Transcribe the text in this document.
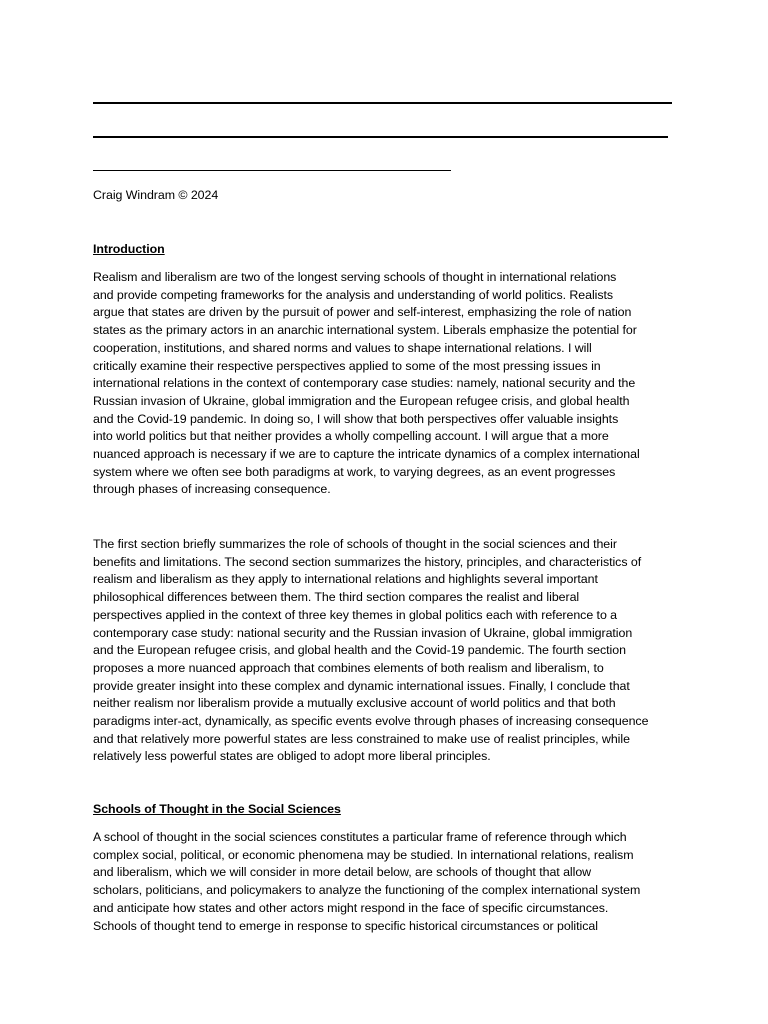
Craig Windram © 2024
Introduction
Realism and liberalism are two of the longest serving schools of thought in international relations
and provide competing frameworks for the analysis and understanding of world politics. Realists
argue that states are driven by the pursuit of power and self-interest, emphasizing the role of nation
states as the primary actors in an anarchic international system. Liberals emphasize the potential for
cooperation, institutions, and shared norms and values to shape international relations. I will
critically examine their respective perspectives applied to some of the most pressing issues in
international relations in the context of contemporary case studies: namely, national security and the
Russian invasion of Ukraine, global immigration and the European refugee crisis, and global health
and the Covid-19 pandemic. In doing so, I will show that both perspectives offer valuable insights
into world politics but that neither provides a wholly compelling account. I will argue that a more
nuanced approach is necessary if we are to capture the intricate dynamics of a complex international
system where we often see both paradigms at work, to varying degrees, as an event progresses
through phases of increasing consequence.
The first section briefly summarizes the role of schools of thought in the social sciences and their
benefits and limitations. The second section summarizes the history, principles, and characteristics of
realism and liberalism as they apply to international relations and highlights several important
philosophical differences between them. The third section compares the realist and liberal
perspectives applied in the context of three key themes in global politics each with reference to a
contemporary case study: national security and the Russian invasion of Ukraine, global immigration
and the European refugee crisis, and global health and the Covid-19 pandemic. The fourth section
proposes a more nuanced approach that combines elements of both realism and liberalism, to
provide greater insight into these complex and dynamic international issues. Finally, I conclude that
neither realism nor liberalism provide a mutually exclusive account of world politics and that both
paradigms inter-act, dynamically, as specific events evolve through phases of increasing consequence
and that relatively more powerful states are less constrained to make use of realist principles, while
relatively less powerful states are obliged to adopt more liberal principles.
Schools of Thought in the Social Sciences
A school of thought in the social sciences constitutes a particular frame of reference through which
complex social, political, or economic phenomena may be studied. In international relations, realism
and liberalism, which we will consider in more detail below, are schools of thought that allow
scholars, politicians, and policymakers to analyze the functioning of the complex international system
and anticipate how states and other actors might respond in the face of specific circumstances.
Schools of thought tend to emerge in response to specific historical circumstances or political
